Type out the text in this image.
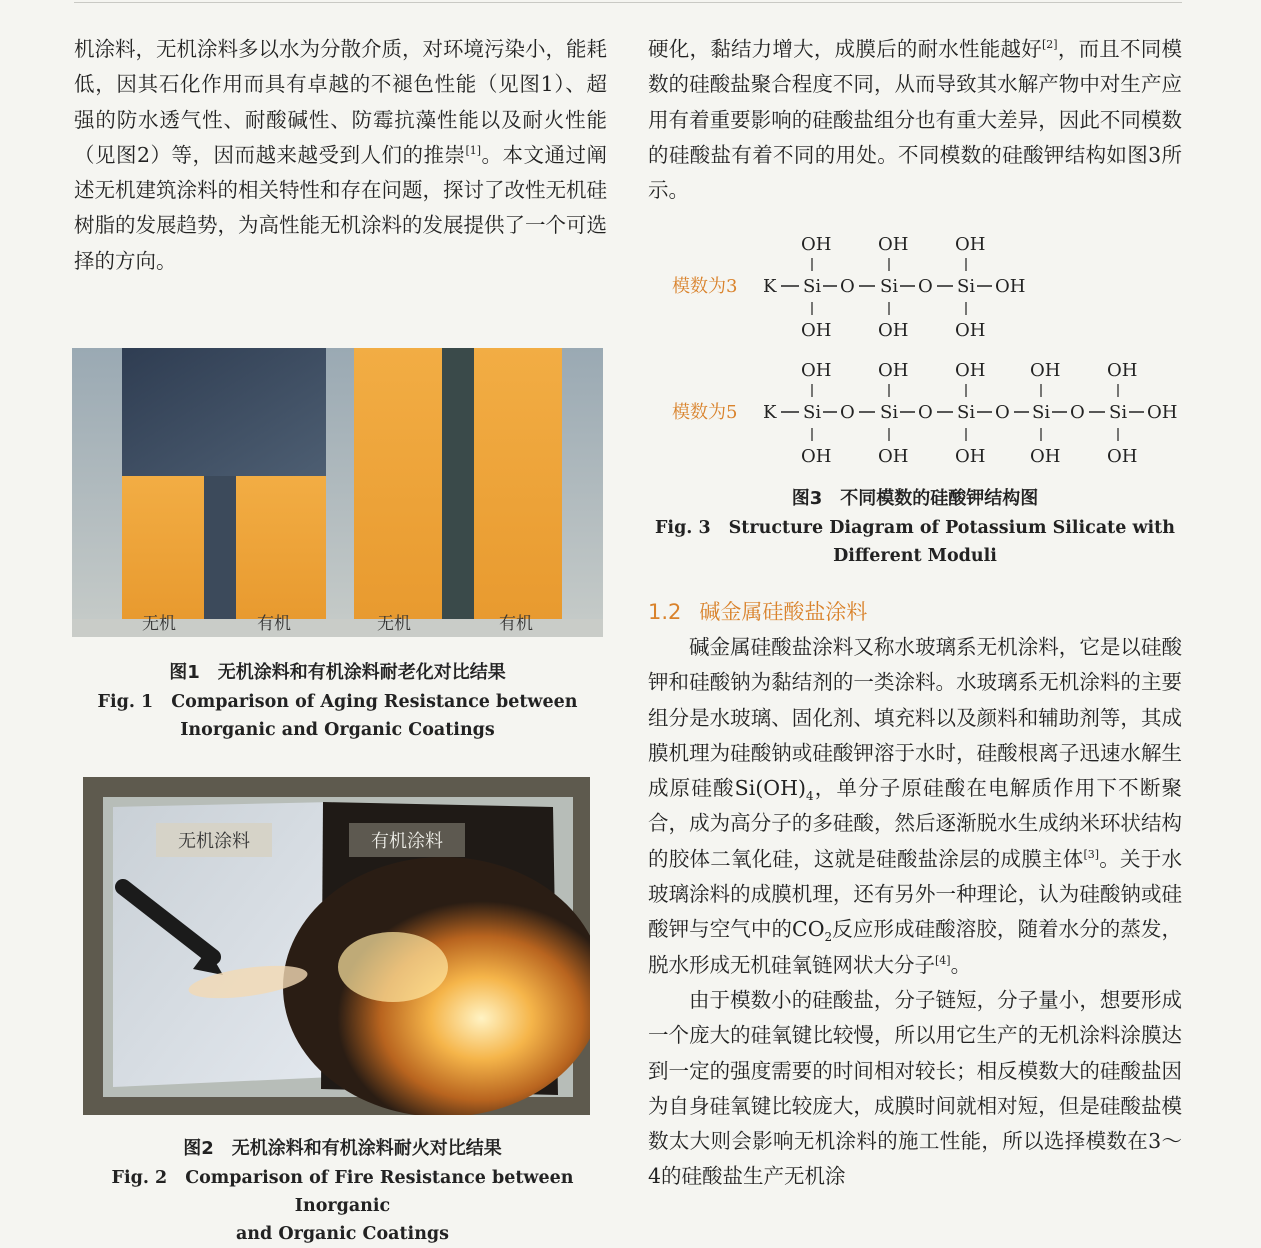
机涂料，无机涂料多以水为分散介质，对环境污染小，能耗低，因其石化作用而具有卓越的不褪色性能（见图1）、超强的防水透气性、耐酸碱性、防霉抗藻性能以及耐火性能（见图2）等，因而越来越受到人们的推崇[1]。本文通过阐述无机建筑涂料的相关特性和存在问题，探讨了改性无机硅树脂的发展趋势，为高性能无机涂料的发展提供了一个可选择的方向。

无机	有机	无机	有机
图1 无机涂料和有机涂料耐老化对比结果
Fig. 1 Comparison of Aging Resistance between
Inorganic and Organic Coatings
无机涂料	有机涂料
图2 无机涂料和有机涂料耐火对比结果
Fig. 2 Comparison of Fire Resistance between Inorganic
and Organic Coatings

硬化，黏结力增大，成膜后的耐水性能越好[2]，而且不同模数的硅酸盐聚合程度不同，从而导致其水解产物中对生产应用有着重要影响的硅酸盐组分也有重大差异，因此不同模数的硅酸盐有着不同的用处。不同模数的硅酸钾结构如图3所示。

模数为3 K Si O Si O Si OH
OH	OH	OH
OH	OH	OH
模数为5 K Si O Si O Si O Si O Si OH
OH	OH	OH OH	OH
OH	OH	OH OH	OH
图3 不同模数的硅酸钾结构图
Fig. 3 Structure Diagram of Potassium Silicate with
Different Moduli
1.2 碱金属硅酸盐涂料

碱金属硅酸盐涂料又称水玻璃系无机涂料，它是以硅酸钾和硅酸钠为黏结剂的一类涂料。水玻璃系无机涂料的主要组分是水玻璃、固化剂、填充料以及颜料和辅助剂等，其成膜机理为硅酸钠或硅酸钾溶于水时，硅酸根离子迅速水解生成原硅酸$Si(OH)_4$，单分子原硅酸在电解质作用下不断聚合，成为高分子的多硅酸，然后逐渐脱水生成纳米环状结构的胶体二氧化硅，这就是硅酸盐涂层的成膜主体[3]。关于水玻璃涂料的成膜机理，还有另外一种理论，认为硅酸钠或硅酸钾与空气中的$CO_2$反应形成硅酸溶胶，随着水分的蒸发，脱水形成无机硅氧链网状大分子[4]。

由于模数小的硅酸盐，分子链短，分子量小，想要形成一个庞大的硅氧键比较慢，所以用它生产的无机涂料涂膜达到一定的强度需要的时间相对较长；相反模数大的硅酸盐因为自身硅氧键比较庞大，成膜时间就相对短，但是硅酸盐模数太大则会影响无机涂料的施工性能，所以选择模数在3～4的硅酸盐生产无机涂
